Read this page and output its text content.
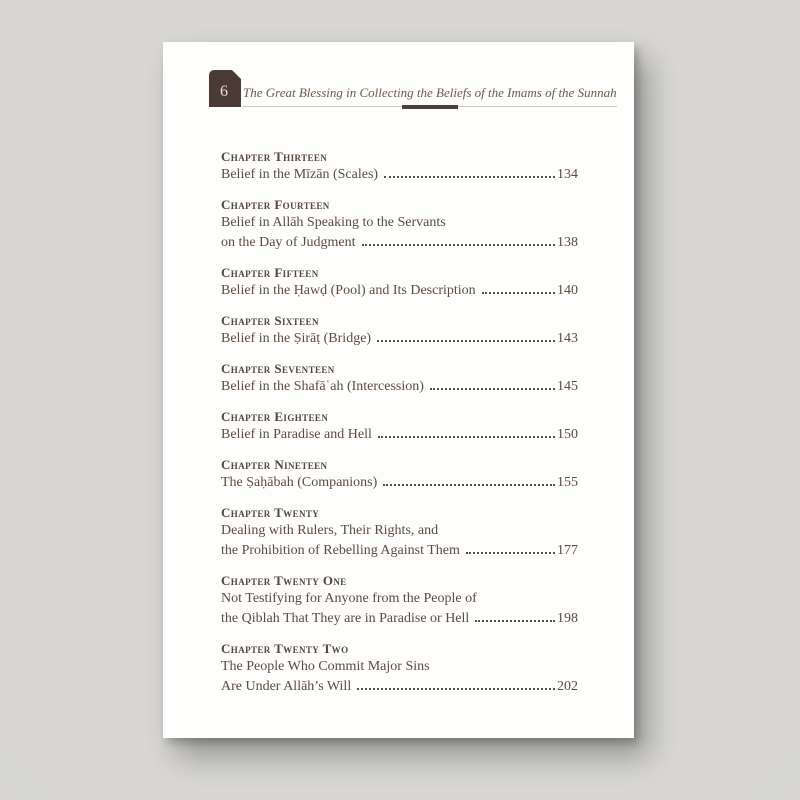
6 The Great Blessing in Collecting the Beliefs of the Imams of the Sunnah
Chapter Thirteen
Belief in the Mīzān (Scales)	134
Chapter Fourteen
Belief in Allāh Speaking to the Servants
on the Day of Judgment	138
Chapter Fifteen
Belief in the Ḥawḍ (Pool) and Its Description	140
Chapter Sixteen
Belief in the Ṣirāṭ (Bridge)	143
Chapter Seventeen
Belief in the Shafāʿah (Intercession)	145
Chapter Eighteen
Belief in Paradise and Hell	150
Chapter Nineteen
The Ṣaḥābah (Companions)	155
Chapter Twenty
Dealing with Rulers, Their Rights, and
the Prohibition of Rebelling Against Them	177
Chapter Twenty One
Not Testifying for Anyone from the People of
the Qiblah That They are in Paradise or Hell	198
Chapter Twenty Two
The People Who Commit Major Sins
Are Under Allāh’s Will	202
